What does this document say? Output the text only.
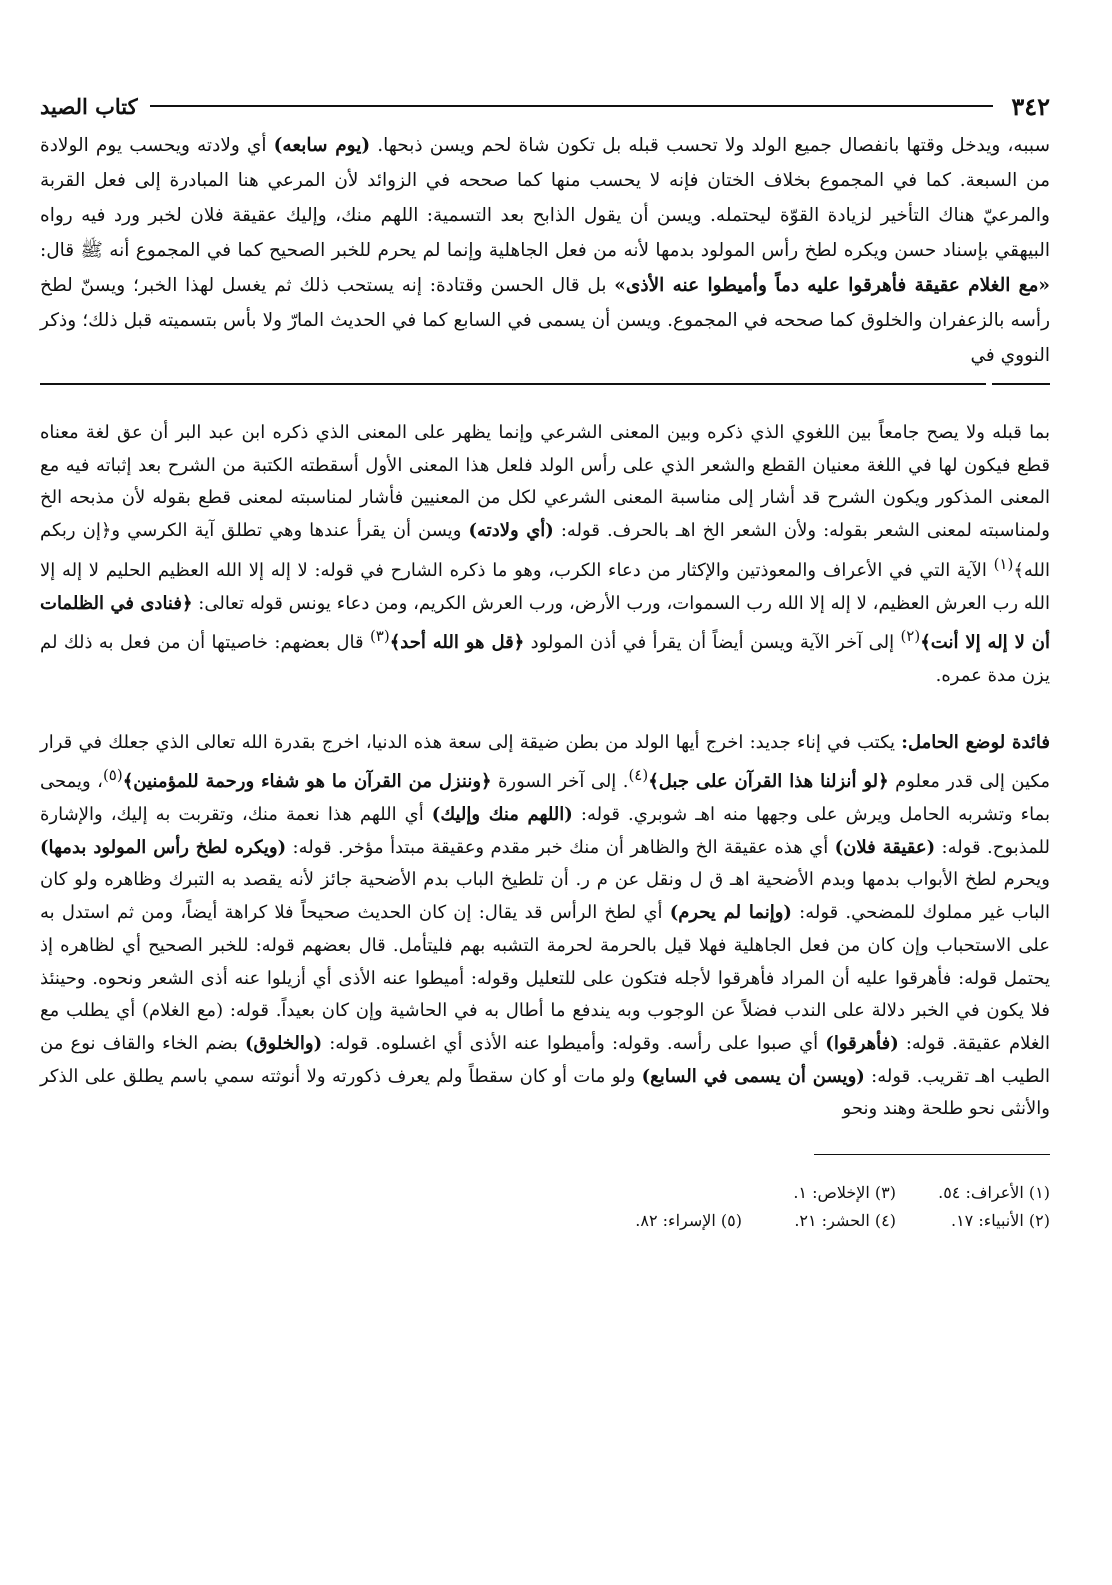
٣٤٢
كتاب الصيد

سببه، ويدخل وقتها بانفصال جميع الولد ولا تحسب قبله بل تكون شاة لحم ويسن ذبحها. (يوم سابعه) أي ولادته ويحسب يوم الولادة من السبعة. كما في المجموع بخلاف الختان فإنه لا يحسب منها كما صححه في الزوائد لأن المرعي هنا المبادرة إلى فعل القربة والمرعيّ هناك التأخير لزيادة القوّة ليحتمله. ويسن أن يقول الذابح بعد التسمية: اللهم منك، وإليك عقيقة فلان لخبر ورد فيه رواه البيهقي بإسناد حسن ويكره لطخ رأس المولود بدمها لأنه من فعل الجاهلية وإنما لم يحرم للخبر الصحيح كما في المجموع أنه ﷺ قال: «مع الغلام عقيقة فأهرقوا عليه دماً وأميطوا عنه الأذى» بل قال الحسن وقتادة: إنه يستحب ذلك ثم يغسل لهذا الخبر؛ ويسنّ لطخ رأسه بالزعفران والخلوق كما صححه في المجموع. ويسن أن يسمى في السابع كما في الحديث المارّ ولا بأس بتسميته قبل ذلك؛ وذكر النووي في

بما قبله ولا يصح جامعاً بين اللغوي الذي ذكره وبين المعنى الشرعي وإنما يظهر على المعنى الذي ذكره ابن عبد البر أن عق لغة معناه قطع فيكون لها في اللغة معنيان القطع والشعر الذي على رأس الولد فلعل هذا المعنى الأول أسقطته الكتبة من الشرح بعد إثباته فيه مع المعنى المذكور ويكون الشرح قد أشار إلى مناسبة المعنى الشرعي لكل من المعنيين فأشار لمناسبته لمعنى قطع بقوله لأن مذبحه الخ ولمناسبته لمعنى الشعر بقوله: ولأن الشعر الخ اهـ بالحرف. قوله: (أي ولادته) ويسن أن يقرأ عندها وهي تطلق آية الكرسي و﴿إن ربكم الله﴾$^{(١)}$ الآية التي في الأعراف والمعوذتين والإكثار من دعاء الكرب، وهو ما ذكره الشارح في قوله: لا إله إلا الله العظيم الحليم لا إله إلا الله رب العرش العظيم، لا إله إلا الله رب السموات، ورب الأرض، ورب العرش الكريم، ومن دعاء يونس قوله تعالى: ﴿فنادى في الظلمات أن لا إله إلا أنت﴾$^{(٢)}$ إلى آخر الآية ويسن أيضاً أن يقرأ في أذن المولود ﴿قل هو الله أحد﴾$^{(٣)}$ قال بعضهم: خاصيتها أن من فعل به ذلك لم يزن مدة عمره.

فائدة لوضع الحامل: يكتب في إناء جديد: اخرج أيها الولد من بطن ضيقة إلى سعة هذه الدنيا، اخرج بقدرة الله تعالى الذي جعلك في قرار مكين إلى قدر معلوم ﴿لو أنزلنا هذا القرآن على جبل﴾$^{(٤)}$. إلى آخر السورة ﴿وننزل من القرآن ما هو شفاء ورحمة للمؤمنين﴾$^{(٥)}$، ويمحى بماء وتشربه الحامل ويرش على وجهها منه اهـ شوبري. قوله: (اللهم منك وإليك) أي اللهم هذا نعمة منك، وتقربت به إليك، والإشارة للمذبوح. قوله: (عقيقة فلان) أي هذه عقيقة الخ والظاهر أن منك خبر مقدم وعقيقة مبتدأ مؤخر. قوله: (ويكره لطخ رأس المولود بدمها) ويحرم لطخ الأبواب بدمها وبدم الأضحية اهـ ق ل ونقل عن م ر. أن تلطيخ الباب بدم الأضحية جائز لأنه يقصد به التبرك وظاهره ولو كان الباب غير مملوك للمضحي. قوله: (وإنما لم يحرم) أي لطخ الرأس قد يقال: إن كان الحديث صحيحاً فلا كراهة أيضاً، ومن ثم استدل به على الاستحباب وإن كان من فعل الجاهلية فهلا قيل بالحرمة لحرمة التشبه بهم فليتأمل. قال بعضهم قوله: للخبر الصحيح أي لظاهره إذ يحتمل قوله: فأهرقوا عليه أن المراد فأهرقوا لأجله فتكون على للتعليل وقوله: أميطوا عنه الأذى أي أزيلوا عنه أذى الشعر ونحوه. وحينئذ فلا يكون في الخبر دلالة على الندب فضلاً عن الوجوب وبه يندفع ما أطال به في الحاشية وإن كان بعيداً. قوله: (مع الغلام) أي يطلب مع الغلام عقيقة. قوله: (فأهرقوا) أي صبوا على رأسه. وقوله: وأميطوا عنه الأذى أي اغسلوه. قوله: (والخلوق) بضم الخاء والقاف نوع من الطيب اهـ تقريب. قوله: (ويسن أن يسمى في السابع) ولو مات أو كان سقطاً ولم يعرف ذكورته ولا أنوثته سمي باسم يطلق على الذكر والأنثى نحو طلحة وهند ونحو

(١) الأعراف: ٥٤.
(٣) الإخلاص: ١.
(٢) الأنبياء: ١٧.
(٤) الحشر: ٢١.
(٥) الإسراء: ٨٢.
